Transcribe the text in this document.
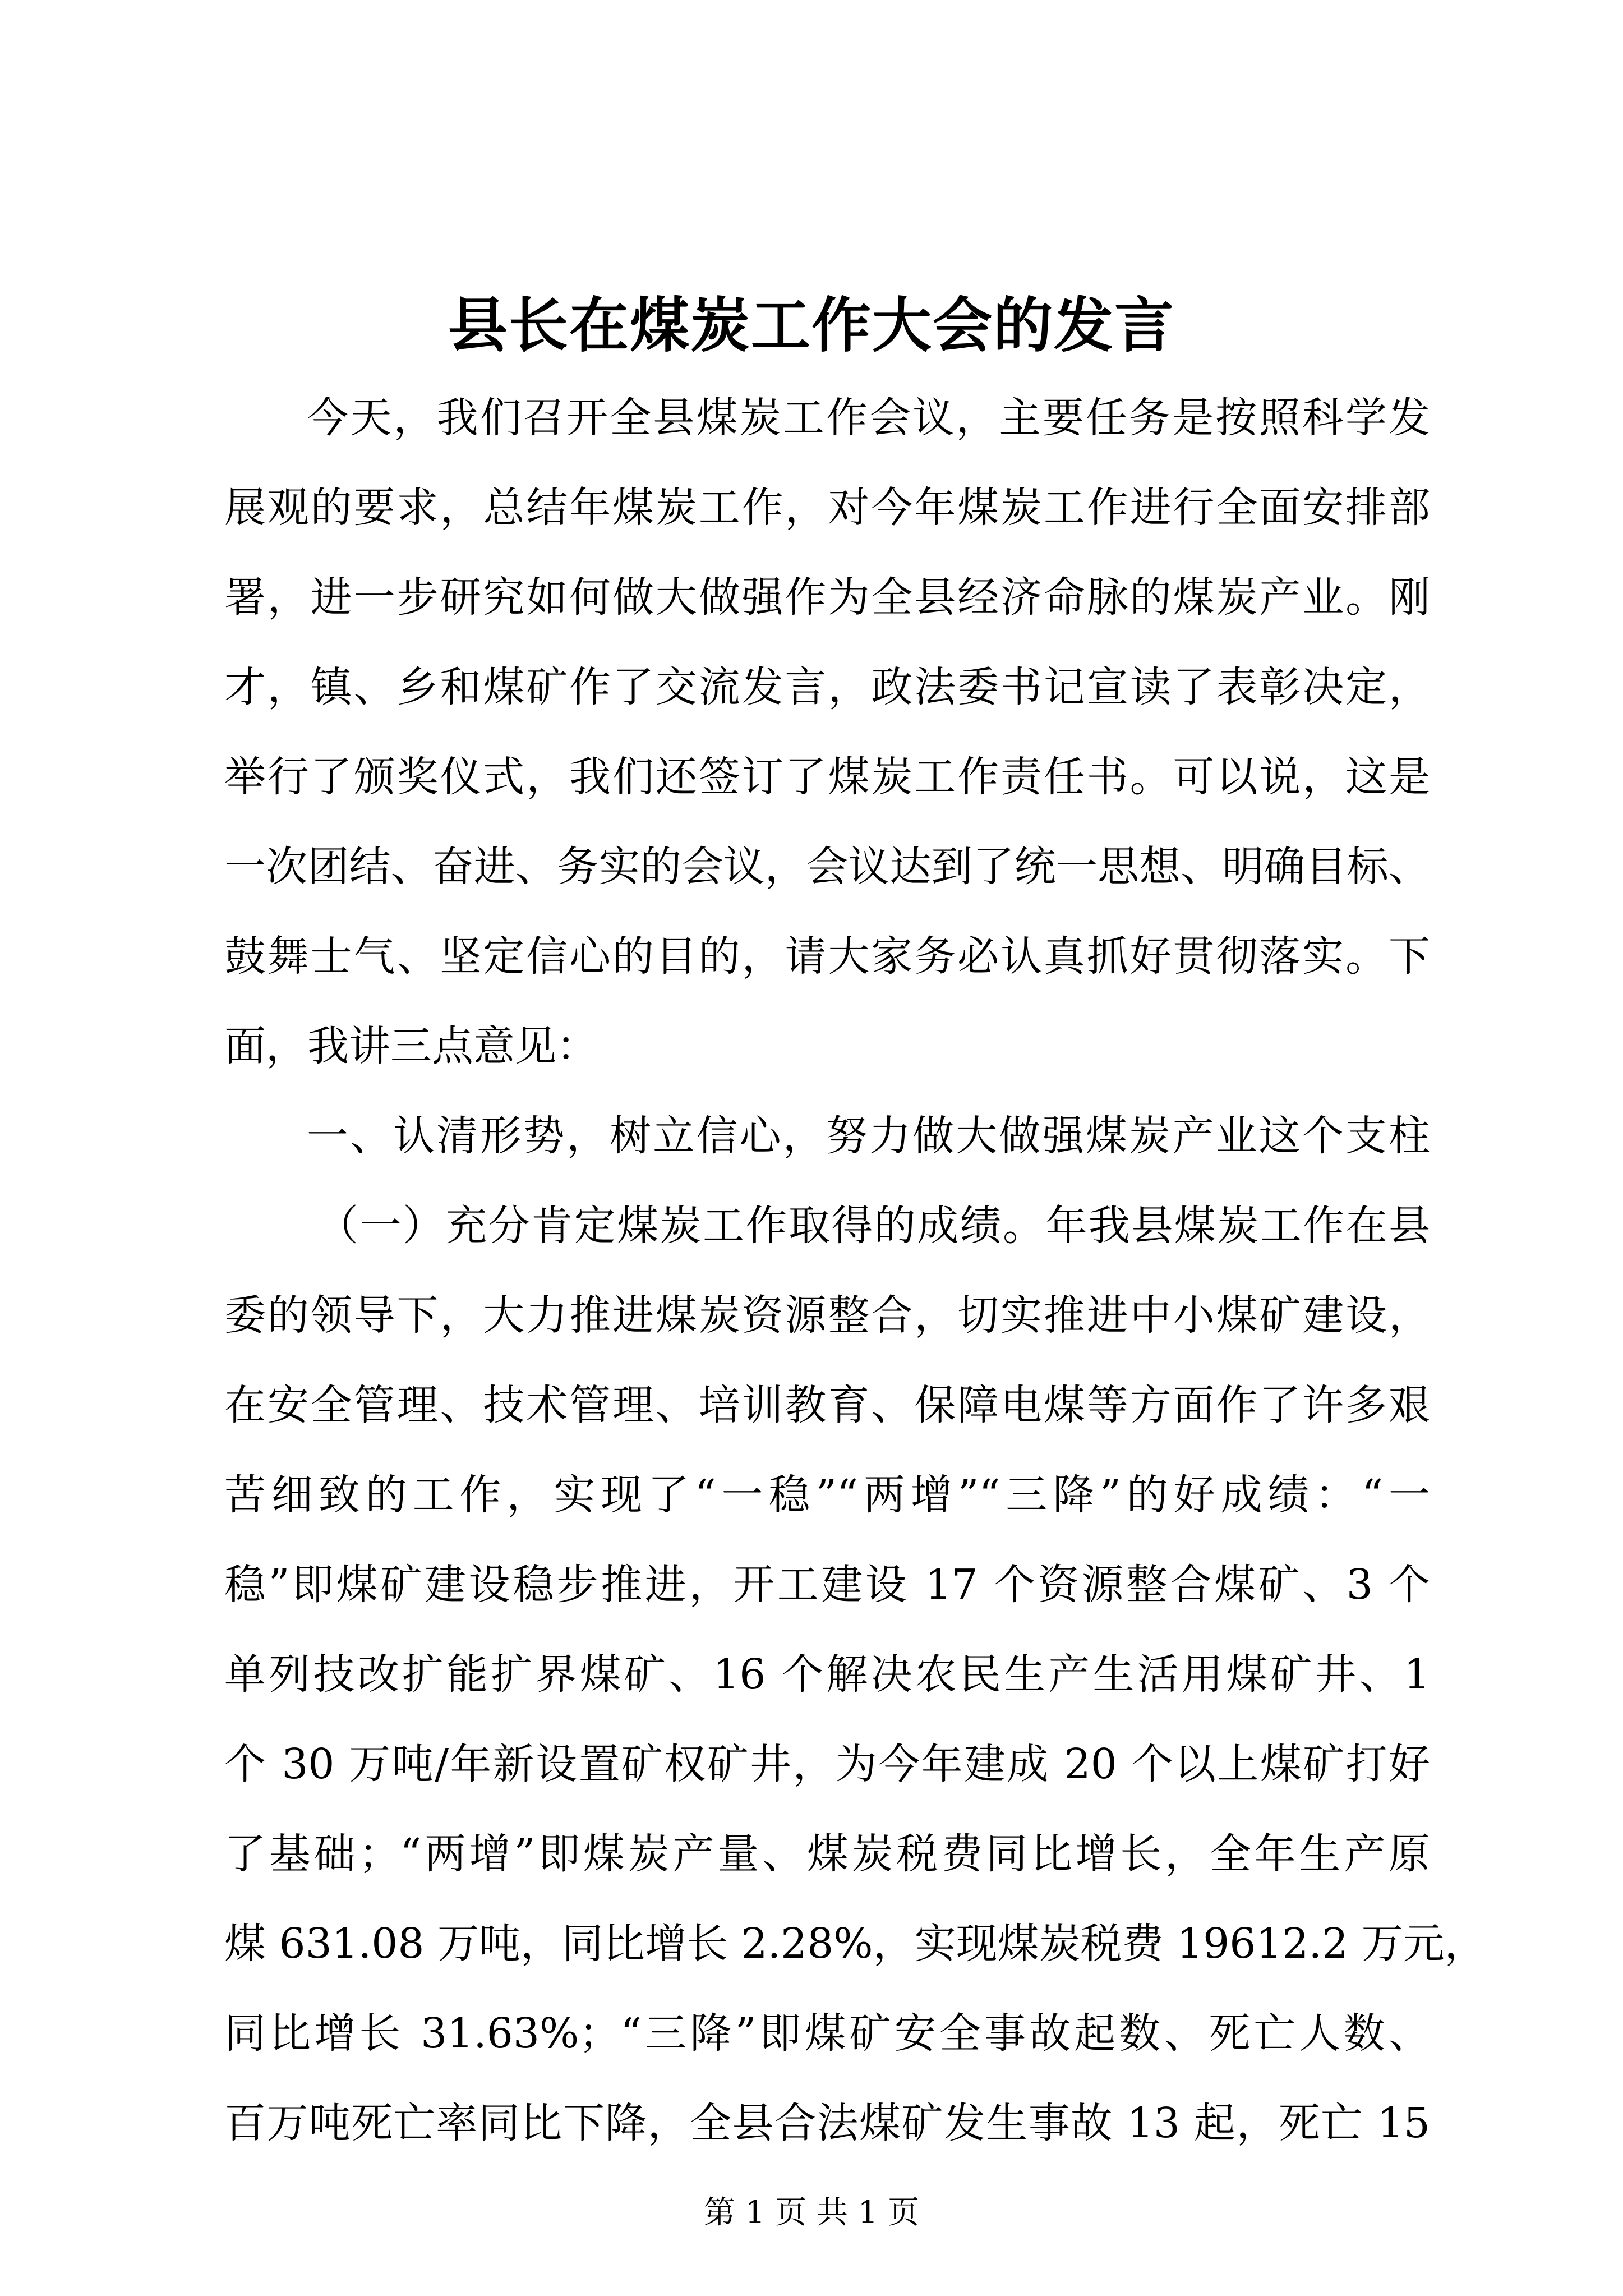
县长在煤炭工作大会的发言
今天，我们召开全县煤炭工作会议，主要任务是按照科学发
展观的要求，总结年煤炭工作，对今年煤炭工作进行全面安排部
署，进一步研究如何做大做强作为全县经济命脉的煤炭产业。刚
才，镇、乡和煤矿作了交流发言，政法委书记宣读了表彰决定，
举行了颁奖仪式，我们还签订了煤炭工作责任书。可以说，这是
一次团结、奋进、务实的会议，会议达到了统一思想、明确目标、
鼓舞士气、坚定信心的目的，请大家务必认真抓好贯彻落实。下
面，我讲三点意见：
一、认清形势，树立信心，努力做大做强煤炭产业这个支柱
（一）充分肯定煤炭工作取得的成绩。年我县煤炭工作在县
委的领导下，大力推进煤炭资源整合，切实推进中小煤矿建设，
在安全管理、技术管理、培训教育、保障电煤等方面作了许多艰
苦细致的工作，实现了“一稳”“两增”“三降”的好成绩：“一
稳”即煤矿建设稳步推进，开工建设 17 个资源整合煤矿、3 个
单列技改扩能扩界煤矿、16 个解决农民生产生活用煤矿井、1
个 30 万吨/年新设置矿权矿井，为今年建成 20 个以上煤矿打好
了基础；“两增”即煤炭产量、煤炭税费同比增长，全年生产原
煤 631.08 万吨，同比增长 2.28%，实现煤炭税费 19612.2 万元，
同比增长 31.63%；“三降”即煤矿安全事故起数、死亡人数、
百万吨死亡率同比下降，全县合法煤矿发生事故 13 起，死亡 15
第 1 页 共 1 页
